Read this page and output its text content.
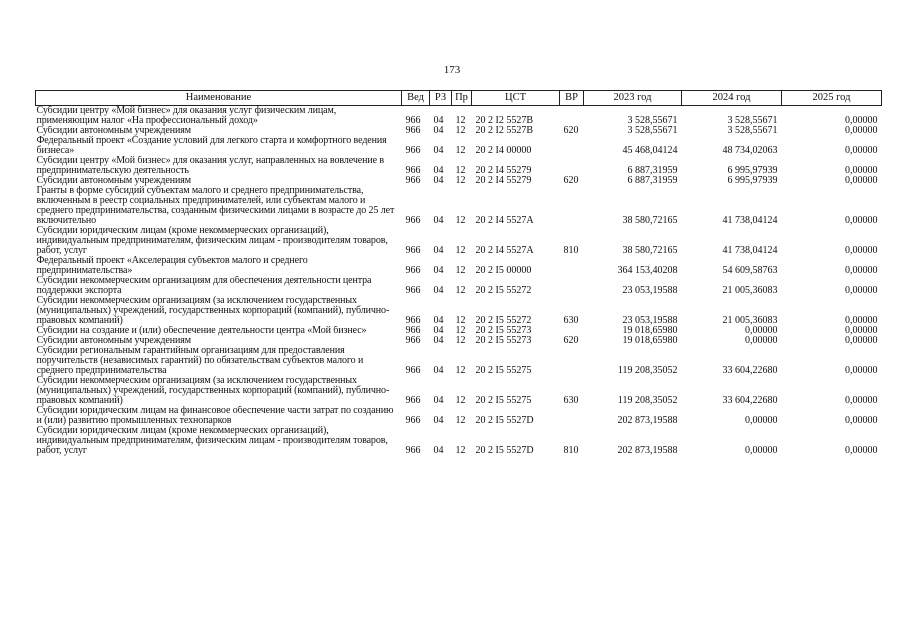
173
Наименование	Вед	РЗ	Пр	ЦСТ	ВР	2023 год	2024 год	2025 год
Субсидии центру «Мой бизнес» для оказания услуг физическим лицам, применяющим налог «На профессиональный доход»	966	04	12	20 2 I2 5527B		3 528,55671	3 528,55671	0,00000
Субсидии автономным учреждениям	966	04	12	20 2 I2 5527B	620	3 528,55671	3 528,55671	0,00000
Федеральный проект «Создание условий для легкого старта и комфортного ведения бизнеса»	966	04	12	20 2 I4 00000		45 468,04124	48 734,02063	0,00000
Субсидии центру «Мой бизнес» для оказания услуг, направленных на вовлечение в предпринимательскую деятельность	966	04	12	20 2 I4 55279		6 887,31959	6 995,97939	0,00000
Субсидии автономным учреждениям	966	04	12	20 2 I4 55279	620	6 887,31959	6 995,97939	0,00000
Гранты в форме субсидий субъектам малого и среднего предпринимательства, включенным в реестр социальных предпринимателей, или субъектам малого и среднего предпринимательства, созданным физическими лицами в возрасте до 25 лет включительно	966	04	12	20 2 I4 5527A		38 580,72165	41 738,04124	0,00000
Субсидии юридическим лицам (кроме некоммерческих организаций), индивидуальным предпринимателям, физическим лицам - производителям товаров, работ, услуг	966	04	12	20 2 I4 5527A	810	38 580,72165	41 738,04124	0,00000
Федеральный проект «Акселерация субъектов малого и среднего предпринимательства»	966	04	12	20 2 I5 00000		364 153,40208	54 609,58763	0,00000
Субсидии некоммерческим организациям для обеспечения деятельности центра поддержки экспорта	966	04	12	20 2 I5 55272		23 053,19588	21 005,36083	0,00000
Субсидии некоммерческим организациям (за исключением государственных (муниципальных) учреждений, государственных корпораций (компаний), публично-правовых компаний)	966	04	12	20 2 I5 55272	630	23 053,19588	21 005,36083	0,00000
Субсидии на создание и (или) обеспечение деятельности центра «Мой бизнес»	966	04	12	20 2 I5 55273		19 018,65980	0,00000	0,00000
Субсидии автономным учреждениям	966	04	12	20 2 I5 55273	620	19 018,65980	0,00000	0,00000
Субсидии региональным гарантийным организациям для предоставления поручительств (независимых гарантий) по обязательствам субъектов малого и среднего предпринимательства	966	04	12	20 2 I5 55275		119 208,35052	33 604,22680	0,00000
Субсидии некоммерческим организациям (за исключением государственных (муниципальных) учреждений, государственных корпораций (компаний), публично-правовых компаний)	966	04	12	20 2 I5 55275	630	119 208,35052	33 604,22680	0,00000
Субсидии юридическим лицам на финансовое обеспечение части затрат по созданию и (или) развитию промышленных технопарков	966	04	12	20 2 I5 5527D		202 873,19588	0,00000	0,00000
Субсидии юридическим лицам (кроме некоммерческих организаций), индивидуальным предпринимателям, физическим лицам - производителям товаров, работ, услуг	966	04	12	20 2 I5 5527D	810	202 873,19588	0,00000	0,00000
